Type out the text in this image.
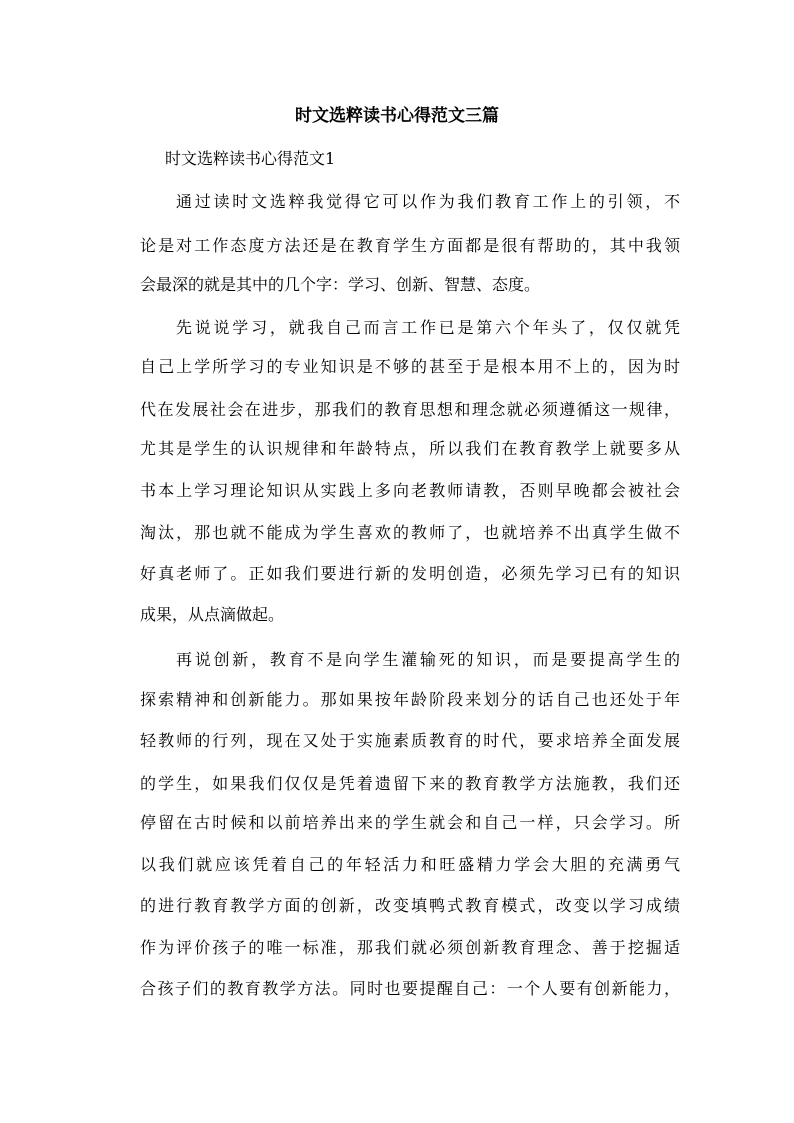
时文选粹读书心得范文三篇
时文选粹读书心得范文1
通过读时文选粹我觉得它可以作为我们教育工作上的引领，不
论是对工作态度方法还是在教育学生方面都是很有帮助的，其中我领
会最深的就是其中的几个字：学习、创新、智慧、态度。
先说说学习，就我自己而言工作已是第六个年头了，仅仅就凭
自己上学所学习的专业知识是不够的甚至于是根本用不上的，因为时
代在发展社会在进步，那我们的教育思想和理念就必须遵循这一规律，
尤其是学生的认识规律和年龄特点，所以我们在教育教学上就要多从
书本上学习理论知识从实践上多向老教师请教，否则早晚都会被社会
淘汰，那也就不能成为学生喜欢的教师了，也就培养不出真学生做不
好真老师了。正如我们要进行新的发明创造，必须先学习已有的知识
成果，从点滴做起。
再说创新，教育不是向学生灌输死的知识，而是要提高学生的
探索精神和创新能力。那如果按年龄阶段来划分的话自己也还处于年
轻教师的行列，现在又处于实施素质教育的时代，要求培养全面发展
的学生，如果我们仅仅是凭着遗留下来的教育教学方法施教，我们还
停留在古时候和以前培养出来的学生就会和自己一样，只会学习。所
以我们就应该凭着自己的年轻活力和旺盛精力学会大胆的充满勇气
的进行教育教学方面的创新，改变填鸭式教育模式，改变以学习成绩
作为评价孩子的唯一标准，那我们就必须创新教育理念、善于挖掘适
合孩子们的教育教学方法。同时也要提醒自己：一个人要有创新能力，
